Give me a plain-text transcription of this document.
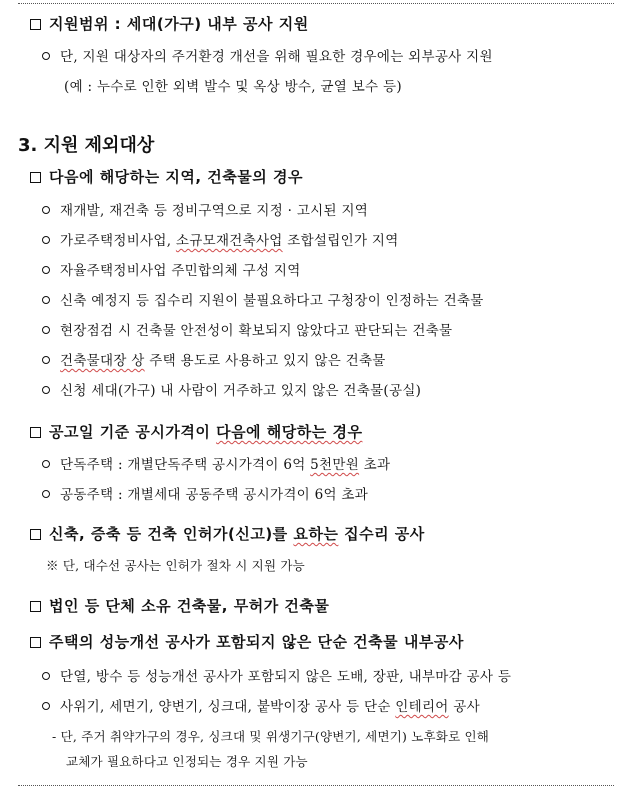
지원범위 : 세대(가구) 내부 공사 지원
단, 지원 대상자의 주거환경 개선을 위해 필요한 경우에는 외부공사 지원
(예 : 누수로 인한 외벽 발수 및 옥상 방수, 균열 보수 등)
3. 지원 제외대상
다음에 해당하는 지역, 건축물의 경우
재개발, 재건축 등 정비구역으로 지정 · 고시된 지역
가로주택정비사업, 소규모재건축사업 조합설립인가 지역
자율주택정비사업 주민합의체 구성 지역
신축 예정지 등 집수리 지원이 불필요하다고 구청장이 인정하는 건축물
현장점검 시 건축물 안전성이 확보되지 않았다고 판단되는 건축물
건축물대장 상 주택 용도로 사용하고 있지 않은 건축물
신청 세대(가구) 내 사람이 거주하고 있지 않은 건축물(공실)
공고일 기준 공시가격이 다음에 해당하는 경우
단독주택 : 개별단독주택 공시가격이 6억 5천만원 초과
공동주택 : 개별세대 공동주택 공시가격이 6억 초과
신축, 증축 등 건축 인허가(신고)를 요하는 집수리 공사
※ 단, 대수선 공사는 인허가 절차 시 지원 가능
법인 등 단체 소유 건축물, 무허가 건축물
주택의 성능개선 공사가 포함되지 않은 단순 건축물 내부공사
단열, 방수 등 성능개선 공사가 포함되지 않은 도배, 장판, 내부마감 공사 등
사위기, 세면기, 양변기, 싱크대, 붙박이장 공사 등 단순 인테리어 공사
- 단, 주거 취약가구의 경우, 싱크대 및 위생기구(양변기, 세면기) 노후화로 인해
교체가 필요하다고 인정되는 경우 지원 가능
